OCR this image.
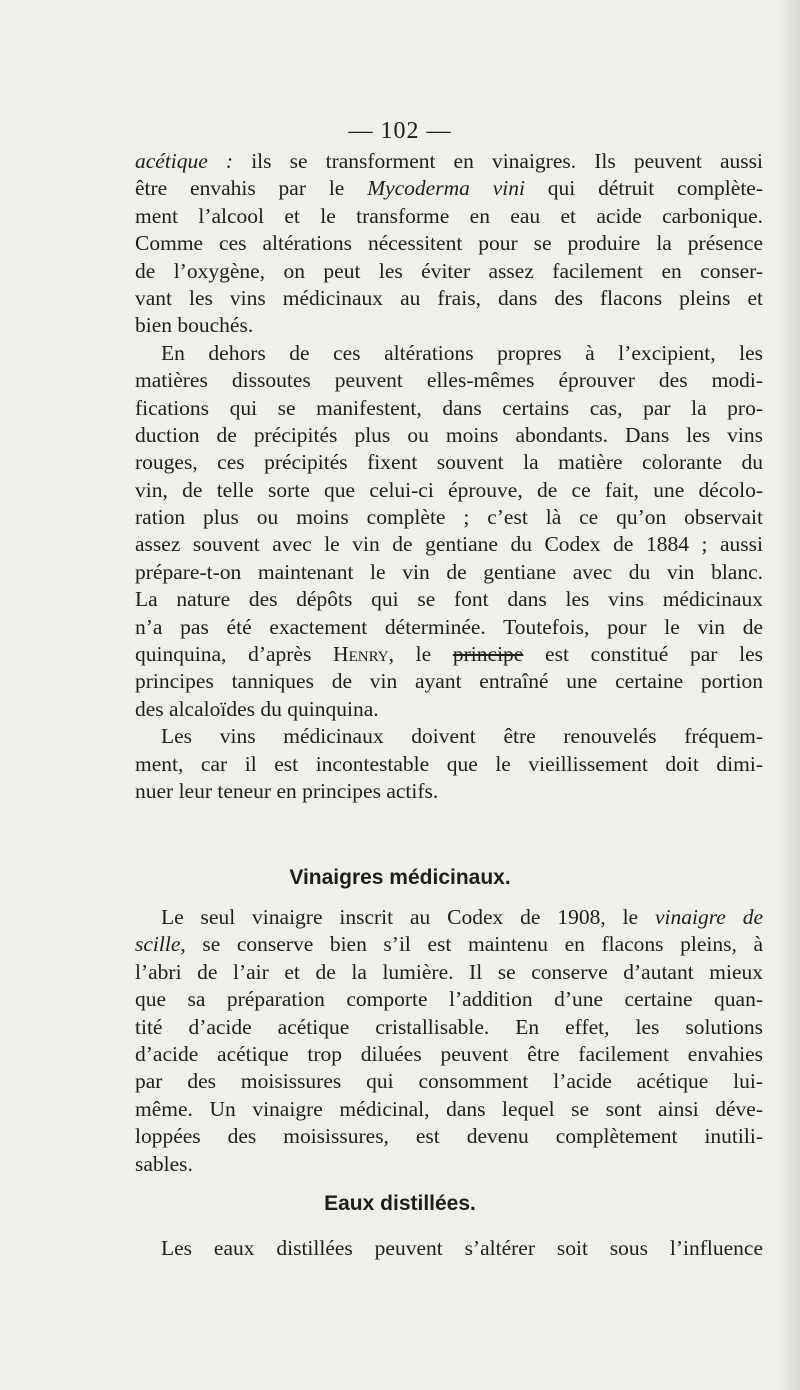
— 102 —
acétique : ils se transforment en vinaigres. Ils peuvent aussi
être envahis par le Mycoderma vini qui détruit complète-
ment l’alcool et le transforme en eau et acide carbonique.
Comme ces altérations nécessitent pour se produire la présence
de l’oxygène, on peut les éviter assez facilement en conser-
vant les vins médicinaux au frais, dans des flacons pleins et
bien bouchés.
En dehors de ces altérations propres à l’excipient, les
matières dissoutes peuvent elles-mêmes éprouver des modi-
fications qui se manifestent, dans certains cas, par la pro-
duction de précipités plus ou moins abondants. Dans les vins
rouges, ces précipités fixent souvent la matière colorante du
vin, de telle sorte que celui-ci éprouve, de ce fait, une décolo-
ration plus ou moins complète ; c’est là ce qu’on observait
assez souvent avec le vin de gentiane du Codex de 1884 ; aussi
prépare-t-on maintenant le vin de gentiane avec du vin blanc.
La nature des dépôts qui se font dans les vins médicinaux
n’a pas été exactement déterminée. Toutefois, pour le vin de
quinquina, d’après Henry, le principe est constitué par les
principes tanniques de vin ayant entraîné une certaine portion
des alcaloïdes du quinquina.
Les vins médicinaux doivent être renouvelés fréquem-
ment, car il est incontestable que le vieillissement doit dimi-
nuer leur teneur en principes actifs.
Vinaigres médicinaux.
Le seul vinaigre inscrit au Codex de 1908, le vinaigre de
scille, se conserve bien s’il est maintenu en flacons pleins, à
l’abri de l’air et de la lumière. Il se conserve d’autant mieux
que sa préparation comporte l’addition d’une certaine quan-
tité d’acide acétique cristallisable. En effet, les solutions
d’acide acétique trop diluées peuvent être facilement envahies
par des moisissures qui consomment l’acide acétique lui-
même. Un vinaigre médicinal, dans lequel se sont ainsi déve-
loppées des moisissures, est devenu complètement inutili-
sables.
Eaux distillées.
Les eaux distillées peuvent s’altérer soit sous l’influence
